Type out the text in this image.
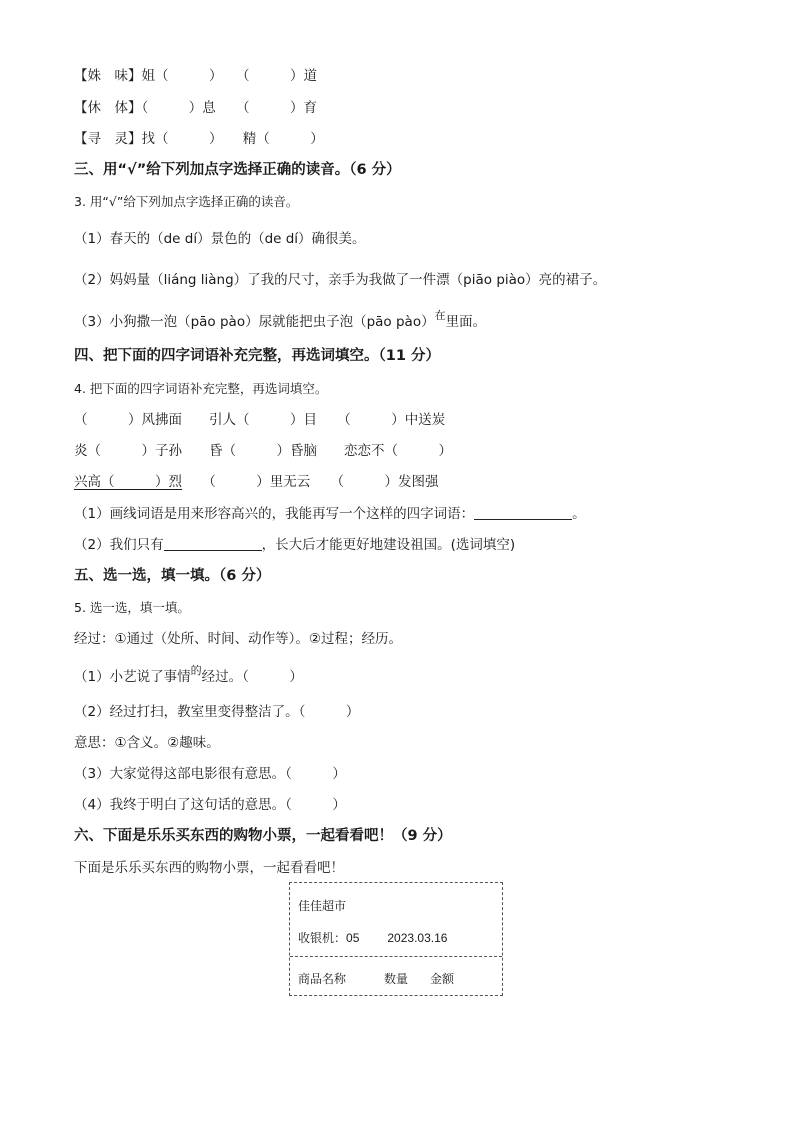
【姝　味】姐（　　　）　　（　　　）道
【休　体】（　　　）息　　（　　　）育
【寻　灵】找（　　　）　　精（　　　）
三、用“√”给下列加点字选择正确的读音。（6 分）
3. 用“√”给下列加点字选择正确的读音。
（1）春天的（de dí）景色的（de dí）确很美。
（2）妈妈量（liáng liàng）了我的尺寸，亲手为我做了一件漂（piāo piào）亮的裙子。
（3）小狗撒一泡（pāo pào）尿就能把虫子泡（pāo pào）$^在$里面。
四、把下面的四字词语补充完整，再选词填空。（11 分）
4. 把下面的四字词语补充完整，再选词填空。
（　　　）风拂面　　引人（　　　）目　　（　　　）中送炭
炎（　　　）子孙　　昏（　　　）昏脑　　恋恋不（　　　）
兴高（　　　）烈　　（　　　）里无云　　（　　　）发图强
（1）画线词语是用来形容高兴的，我能再写一个这样的四字词语：	。
（2）我们只有	，长大后才能更好地建设祖国。(选词填空)
五、选一选，填一填。（6 分）
5. 选一选，填一填。
经过：①通过（处所、时间、动作等）。②过程；经历。
（1）小艺说了事情$^的$经过。（　　　）
（2）经过打扫，教室里变得整洁了。（　　　）
意思：①含义。②趣味。
（3）大家觉得这部电影很有意思。（　　　）
（4）我终于明白了这句话的意思。（　　　）
六、下面是乐乐买东西的购物小票，一起看看吧！（9 分）
下面是乐乐买东西的购物小票，一起看看吧！
佳佳超市
收银机：05 2023.03.16
商品名称	数量 金额
